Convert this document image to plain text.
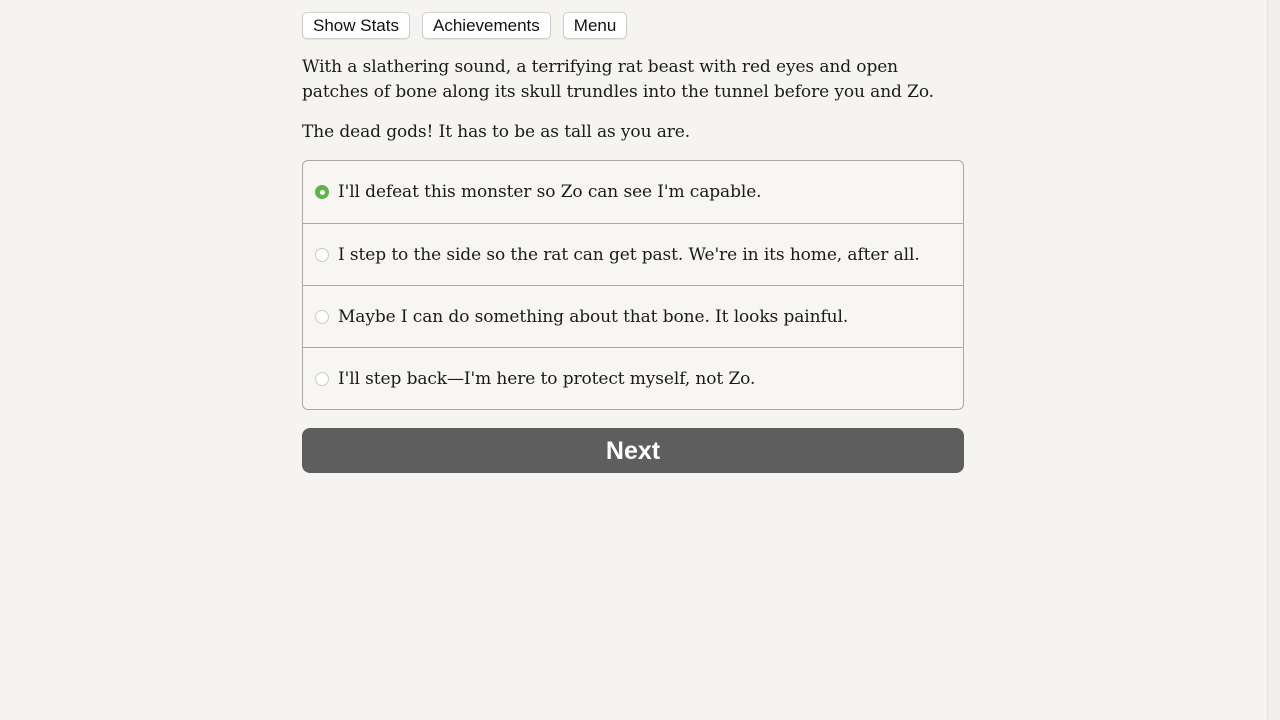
Show Stats	Achievements	Menu

With a slathering sound, a terrifying rat beast with red eyes and open patches of bone along its skull trundles into the tunnel before you and Zo.

The dead gods! It has to be as tall as you are.

I'll defeat this monster so Zo can see I'm capable.
I step to the side so the rat can get past. We're in its home, after all.
Maybe I can do something about that bone. It looks painful.
I'll step back—I'm here to protect myself, not Zo.
Next
